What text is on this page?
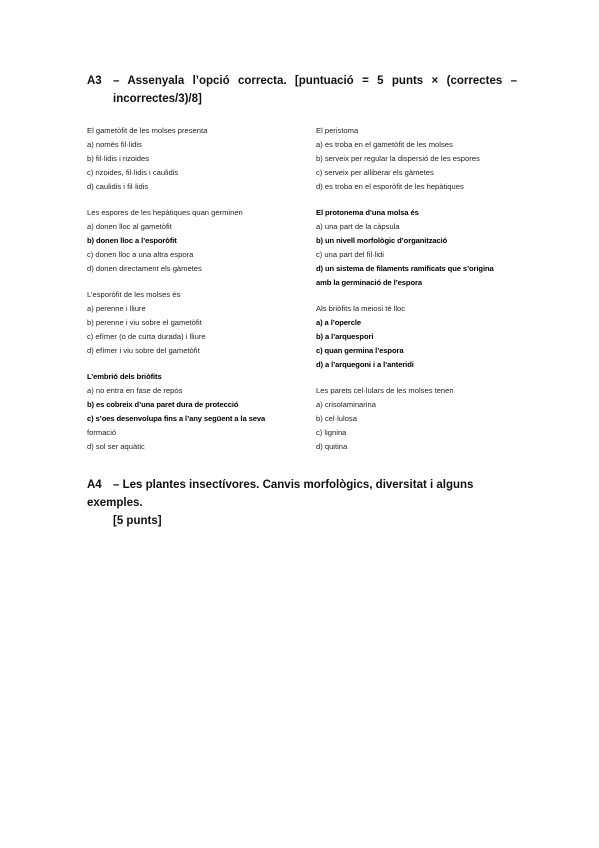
A3 – Assenyala l’opció correcta. [puntuació = 5 punts × (correctes –
incorrectes/3)/8]
El gametòfit de les molses presenta
a) només fil·lidis
b) fil·lidis i rizoides
c) rizoides, fil·lidis i caulidis
d) caulidis i fil·lidis
Les espores de les hepàtiques quan germinen
a) donen lloc al gametòfit
b) donen lloc a l’esporòfit
c) donen lloc a una altra espora
d) donen directament els gàmetes
L’esporòfit de les molses és
a) perenne i lliure
b) perenne i viu sobre el gametòfit
c) efímer (o de curta durada) i lliure
d) efímer i viu sobre del gametòfit
L’embrió dels briòfits
a) no entra en fase de repòs
b) es cobreix d’una paret dura de protecció
c) s’oes desenvolupa fins a l’any següent a la seva
formació
d) sol ser aquàtic
El peristoma
a) es troba en el gametòfit de les molses
b) serveix per regular la dispersió de les espores
c) serveix per alliberar els gàmetes
d) es troba en el esporòfit de les hepàtiques
El protonema d’una molsa és
a) una part de la càpsula
b) un nivell morfològic d’organització
c) una part del fil·lidi
d) un sistema de filaments ramificats que s’origina
amb la germinació de l’espora
Als briòfits la meiosi té lloc
a) a l’opercle
b) a l’arquespori
c) quan germina l’espora
d) a l’arquegoni i a l’anteridi
Les parets cel·lulars de les molses tenen
a) crisolaminarina
b) cel·lulosa
c) lignina
d) quitina
A4 – Les plantes insectívores. Canvis morfològics, diversitat i alguns exemples.
[5 punts]
